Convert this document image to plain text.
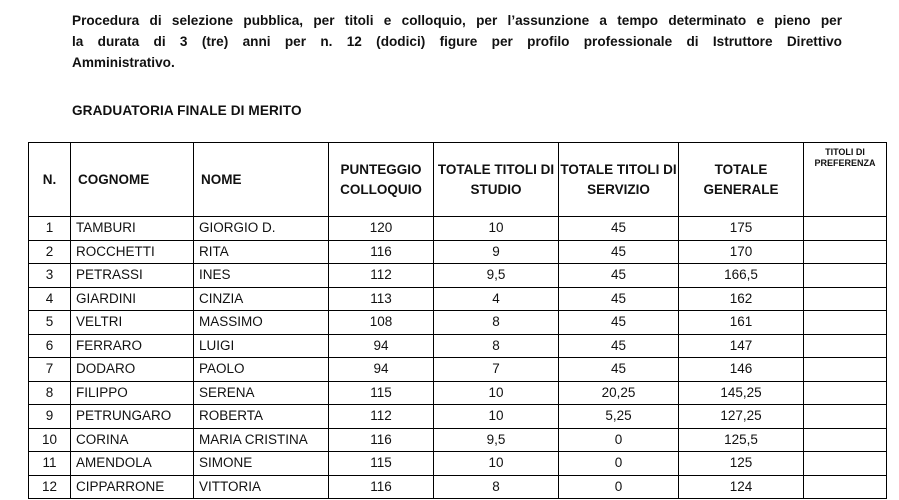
Procedura di selezione pubblica, per titoli e colloquio, per l’assunzione a tempo determinato e pieno per
la durata di 3 (tre) anni per n. 12 (dodici) figure per profilo professionale di Istruttore Direttivo
Amministrativo.

GRADUATORIA FINALE DI MERITO
N.	COGNOME	NOME	PUNTEGGIO COLLOQUIO	TOTALE TITOLI DI STUDIO	TOTALE TITOLI DI SERVIZIO	TOTALE GENERALE	TITOLI DI PREFERENZA
1	TAMBURI	GIORGIO D.	120	10	45	175	
2	ROCCHETTI	RITA	116	9	45	170	
3	PETRASSI	INES	112	9,5	45	166,5	
4	GIARDINI	CINZIA	113	4	45	162	
5	VELTRI	MASSIMO	108	8	45	161	
6	FERRARO	LUIGI	94	8	45	147	
7	DODARO	PAOLO	94	7	45	146	
8	FILIPPO	SERENA	115	10	20,25	145,25	
9	PETRUNGARO	ROBERTA	112	10	5,25	127,25	
10	CORINA	MARIA CRISTINA	116	9,5	0	125,5	
11	AMENDOLA	SIMONE	115	10	0	125	
12	CIPPARRONE	VITTORIA	116	8	0	124	
